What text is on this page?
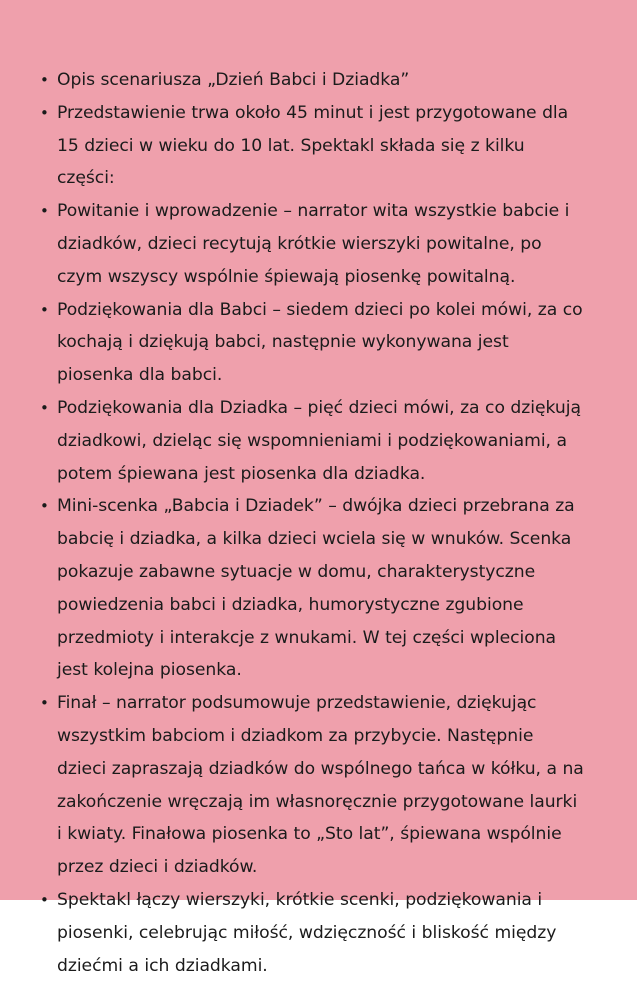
• Opis scenariusza „Dzień Babci i Dziadka”
• Przedstawienie trwa około 45 minut i jest przygotowane dla 15 dzieci w wieku do 10 lat. Spektakl składa się z kilku części:
• Powitanie i wprowadzenie – narrator wita wszystkie babcie i dziadków, dzieci recytują krótkie wierszyki powitalne, po czym wszyscy wspólnie śpiewają piosenkę powitalną.
• Podziękowania dla Babci – siedem dzieci po kolei mówi, za co kochają i dziękują babci, następnie wykonywana jest piosenka dla babci.
• Podziękowania dla Dziadka – pięć dzieci mówi, za co dziękują dziadkowi, dzieląc się wspomnieniami i podziękowaniami, a potem śpiewana jest piosenka dla dziadka.
• Mini-scenka „Babcia i Dziadek” – dwójka dzieci przebrana za babcię i dziadka, a kilka dzieci wciela się w wnuków. Scenka pokazuje zabawne sytuacje w domu, charakterystyczne powiedzenia babci i dziadka, humorystyczne zgubione przedmioty i interakcje z wnukami. W tej części wpleciona jest kolejna piosenka.
• Finał – narrator podsumowuje przedstawienie, dziękując wszystkim babciom i dziadkom za przybycie. Następnie dzieci zapraszają dziadków do wspólnego tańca w kółku, a na zakończenie wręczają im własnoręcznie przygotowane laurki i kwiaty. Finałowa piosenka to „Sto lat”, śpiewana wspólnie przez dzieci i dziadków.
• Spektakl łączy wierszyki, krótkie scenki, podziękowania i piosenki, celebrując miłość, wdzięczność i bliskość między dziećmi a ich dziadkami.
